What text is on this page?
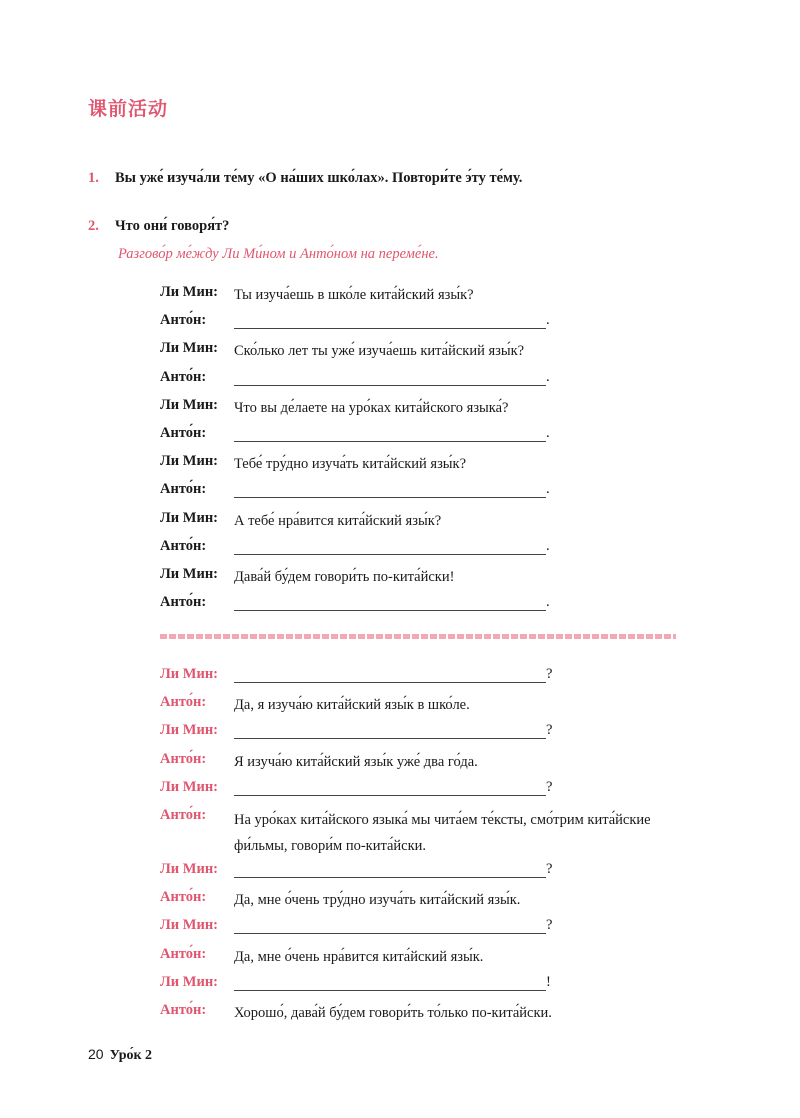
课前活动
1. Вы уже́ изуча́ли те́му «О на́ших шко́лах». Повтори́те э́ту те́му.
2. Что они́ говоря́т?
Разгово́р ме́жду Ли Ми́ном и Анто́ном на переме́не.
Ли Мин:	Ты изуча́ешь в шко́ле кита́йский язы́к?
Анто́н:	.
Ли Мин:	Ско́лько лет ты уже́ изуча́ешь кита́йский язы́к?
Анто́н:	.
Ли Мин:	Что вы де́лаете на уро́ках кита́йского языка́?
Анто́н:	.
Ли Мин:	Тебе́ тру́дно изуча́ть кита́йский язы́к?
Анто́н:	.
Ли Мин:	А тебе́ нра́вится кита́йский язы́к?
Анто́н:	.
Ли Мин:	Дава́й бу́дем говори́ть по-кита́йски!
Анто́н:	.
Ли Мин:	?
Анто́н:	Да, я изуча́ю кита́йский язы́к в шко́ле.
Ли Мин:	?
Анто́н:	Я изуча́ю кита́йский язы́к уже́ два го́да.
Ли Мин:	?
Анто́н:	На уро́ках кита́йского языка́ мы чита́ем те́ксты, смо́трим кита́йские фи́льмы, говори́м по-кита́йски.
Ли Мин:	?
Анто́н:	Да, мне о́чень тру́дно изуча́ть кита́йский язы́к.
Ли Мин:	?
Анто́н:	Да, мне о́чень нра́вится кита́йский язы́к.
Ли Мин:	!
Анто́н:	Хорошо́, дава́й бу́дем говори́ть то́лько по-кита́йски.
20 Уро́к 2
